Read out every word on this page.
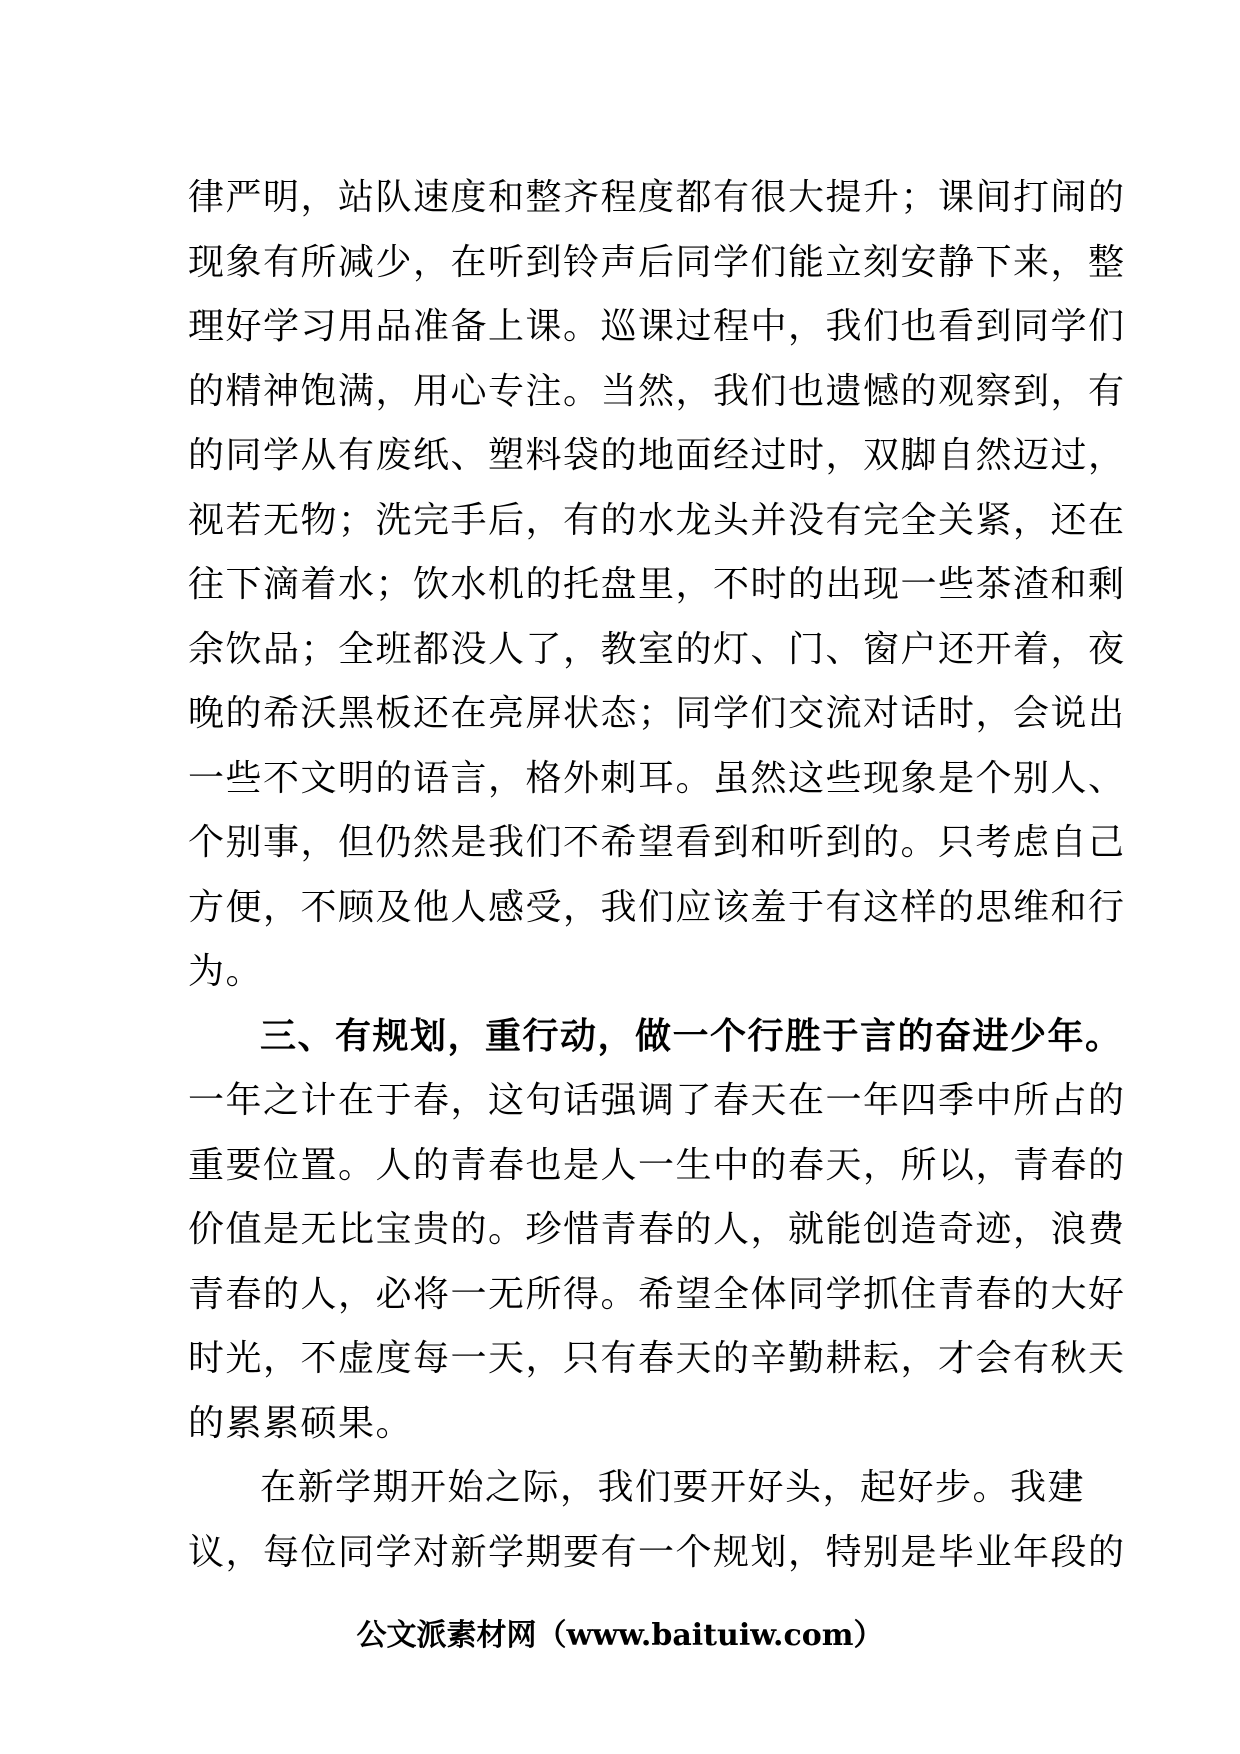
律严明，站队速度和整齐程度都有很大提升；课间打闹的
现象有所减少，在听到铃声后同学们能立刻安静下来，整
理好学习用品准备上课。巡课过程中，我们也看到同学们
的精神饱满，用心专注。当然，我们也遗憾的观察到，有
的同学从有废纸、塑料袋的地面经过时，双脚自然迈过，
视若无物；洗完手后，有的水龙头并没有完全关紧，还在
往下滴着水；饮水机的托盘里，不时的出现一些茶渣和剩
余饮品；全班都没人了，教室的灯、门、窗户还开着，夜
晚的希沃黑板还在亮屏状态；同学们交流对话时，会说出
一些不文明的语言，格外刺耳。虽然这些现象是个别人、
个别事，但仍然是我们不希望看到和听到的。只考虑自己
方便，不顾及他人感受，我们应该羞于有这样的思维和行
为。
三、有规划，重行动，做一个行胜于言的奋进少年。
一年之计在于春，这句话强调了春天在一年四季中所占的
重要位置。人的青春也是人一生中的春天，所以，青春的
价值是无比宝贵的。珍惜青春的人，就能创造奇迹，浪费
青春的人，必将一无所得。希望全体同学抓住青春的大好
时光，不虚度每一天，只有春天的辛勤耕耘，才会有秋天
的累累硕果。
在新学期开始之际，我们要开好头，起好步。我建
议，每位同学对新学期要有一个规划，特别是毕业年段的
公文派素材网（www.baituiw.com）
